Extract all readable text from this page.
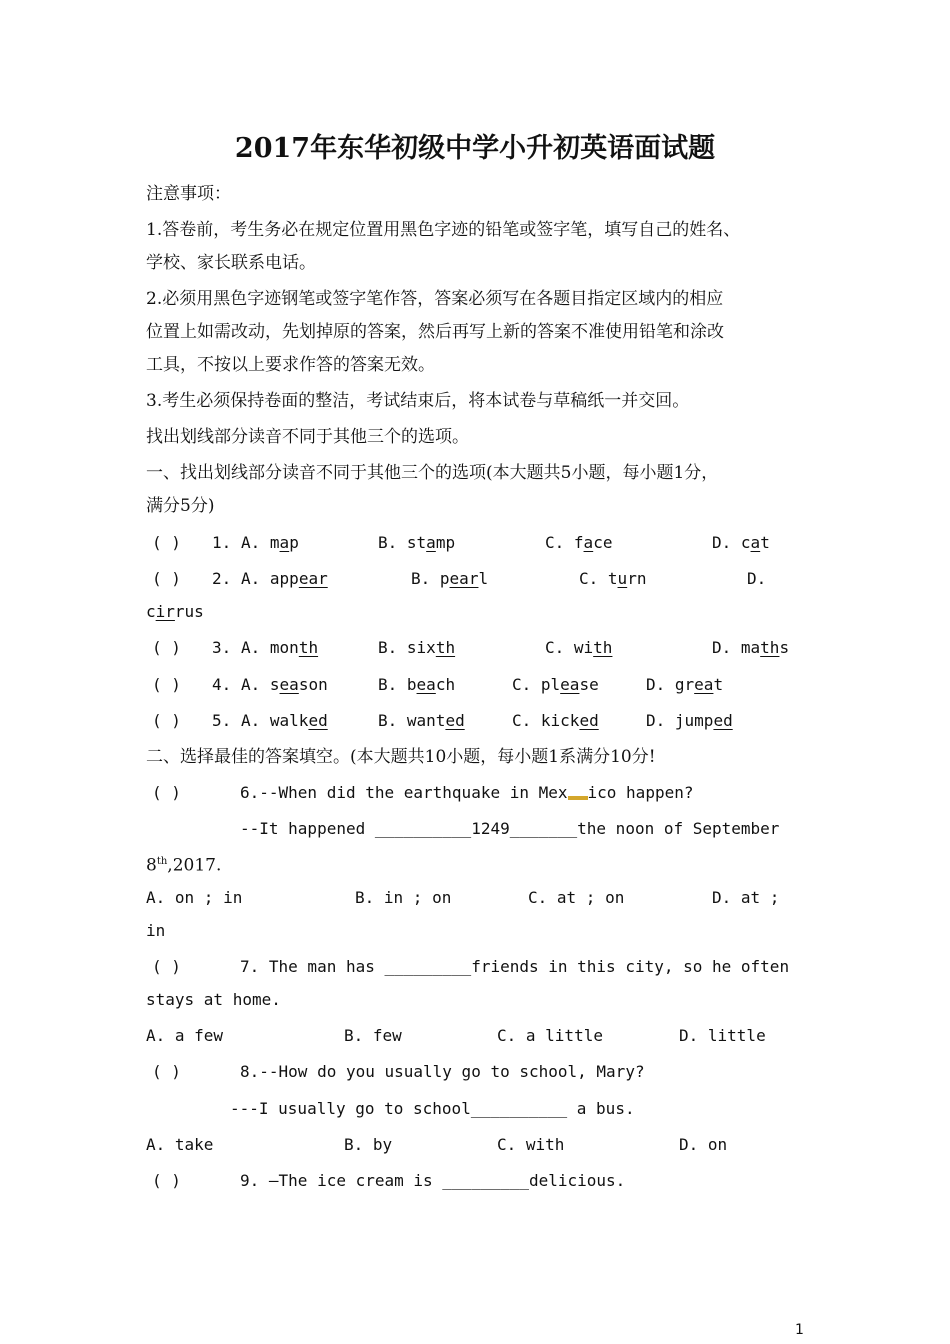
2017年东华初级中学小升初英语面试题
注意事项：
1.答卷前，考生务必在规定位置用黑色字迹的铅笔或签字笔，填写自己的姓名、
学校、家长联系电话。
2.必须用黑色字迹钢笔或签字笔作答，答案必须写在各题目指定区域内的相应
位置上如需改动，先划掉原的答案，然后再写上新的答案不准使用铅笔和涂改
工具，不按以上要求作答的答案无效。
3.考生必须保持卷面的整洁，考试结束后，将本试卷与草稿纸一并交回。
找出划线部分读音不同于其他三个的选项。
一、找出划线部分读音不同于其他三个的选项(本大题共5小题，每小题1分，
满分5分)
( ) 1. A. map	B. stamp	C. face	D. cat
( ) 2. A. appear	B. pearl	C. turn	D.
cirrus
( ) 3. A. month	B. sixth	C. with	D. maths
( ) 4. A. season	B. beach	C. please	D. great
( ) 5. A. walked	B. wanted	C. kicked	D. jumped
二、选择最佳的答案填空。(本大题共10小题，每小题1系满分10分!
( )	6.--When did the earthquake in Mex ico happen?
--It happened __________1249_______the noon of September
8th,2017.
A. on ; in	B. in ; on	C. at ; on	D. at ;
in
( )	7. The man has _________friends in this city, so he often
stays at home.
A. a few	B. few	C. a little	D. little
( )	8.--How do you usually go to school, Mary?
---I usually go to school__________ a bus.
A. take	B. by	C. with	D. on
( )	9. –The ice cream is _________delicious.
1
